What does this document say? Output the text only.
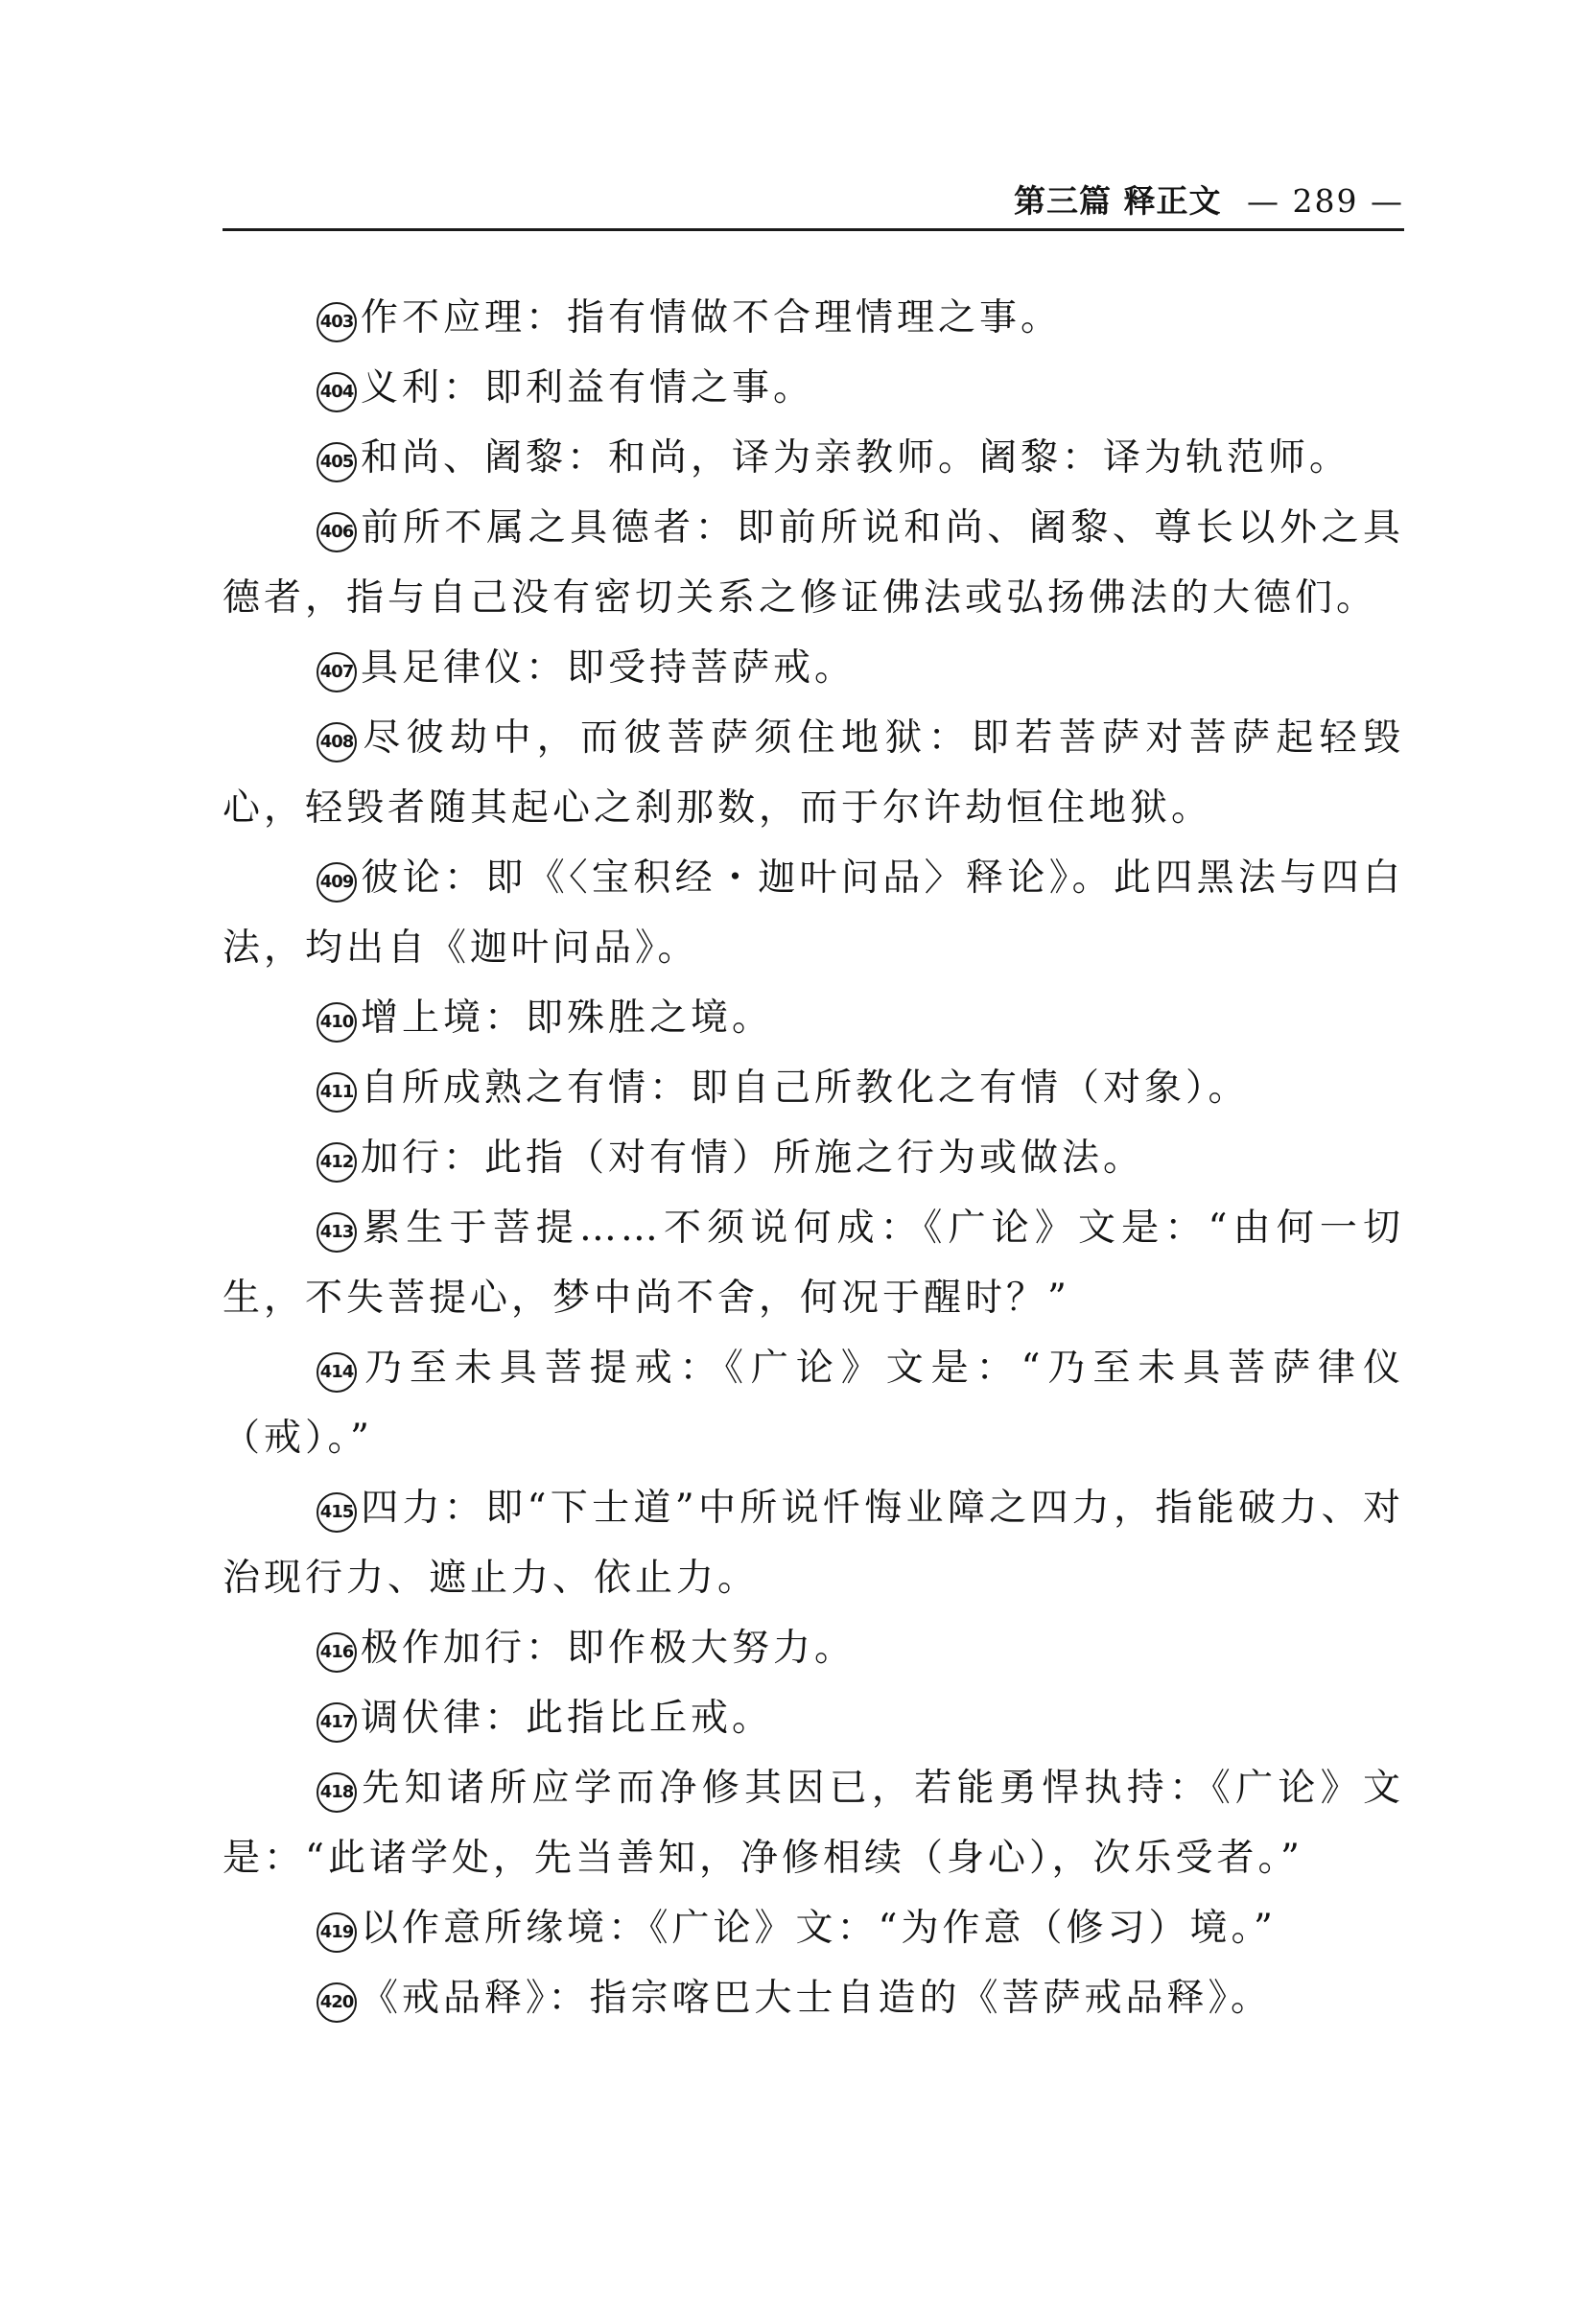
第三篇 释正文 — 289 —

403 作不应理：指有情做不合理情理之事。

404 义利：即利益有情之事。

405 和尚、阇黎：和尚，译为亲教师。阇黎：译为轨范师。

406 前所不属之具德者：即前所说和尚、阇黎、尊长以外之具德者，指与自己没有密切关系之修证佛法或弘扬佛法的大德们。

407 具足律仪：即受持菩萨戒。

408 尽彼劫中，而彼菩萨须住地狱：即若菩萨对菩萨起轻毁心，轻毁者随其起心之刹那数，而于尔许劫恒住地狱。

409 彼论：即《〈宝积经・迦叶问品〉释论》。此四黑法与四白法，均出自《迦叶问品》。

410 增上境：即殊胜之境。

411 自所成熟之有情：即自己所教化之有情（对象）。

412 加行：此指（对有情）所施之行为或做法。

413 累生于菩提……不须说何成：《广论》文是：“由何一切生，不失菩提心，梦中尚不舍，何况于醒时？”

414 乃至未具菩提戒：《广论》文是：“乃至未具菩萨律仪（戒）。”

415 四力：即“下士道”中所说忏悔业障之四力，指能破力、对治现行力、遮止力、依止力。

416 极作加行：即作极大努力。

417 调伏律：此指比丘戒。

418 先知诸所应学而净修其因已，若能勇悍执持：《广论》文是：“此诸学处，先当善知，净修相续（身心），次乐受者。”

419 以作意所缘境：《广论》文：“为作意（修习）境。”

420 《戒品释》：指宗喀巴大士自造的《菩萨戒品释》。
